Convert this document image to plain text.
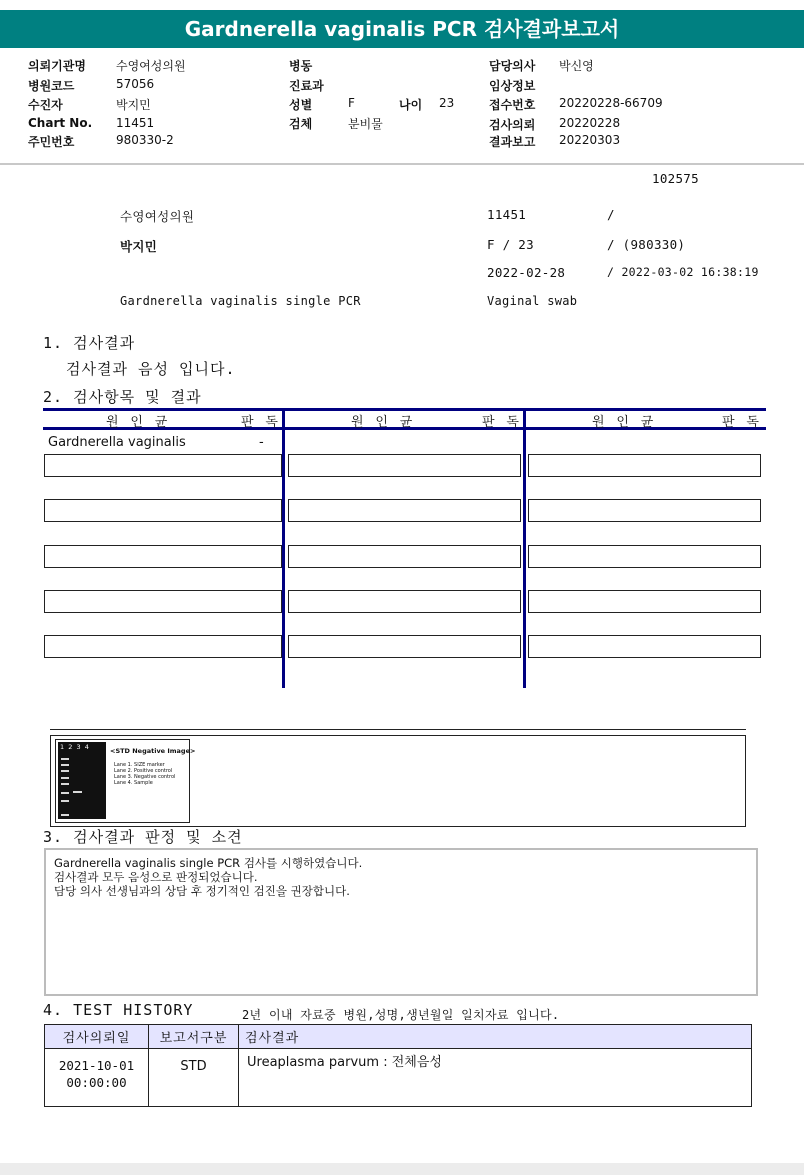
Gardnerella vaginalis PCR 검사결과보고서
의뢰기관명	수영여성의원
병원코드	57056
수진자	박지민
Chart No. 11451
주민번호	980330-2
병동
진료과
성별	F	나이 23
검체	분비물
담당의사 박신영
임상정보
접수번호 20220228-66709
검사의뢰 20220228
결과보고 20220303
102575
수영여성의원	11451	/
박지민	F / 23	/ (980330)
2022-02-28	/ 2022-03-02 16:38:19
Gardnerella vaginalis single PCR	Vaginal swab
1. 검사결과
검사결과 음성 입니다.
2. 검사항목 및 결과
원 인 균	판 독	원 인 균	판 독	원 인 균	판 독
Gardnerella vaginalis	-
1  2  3  4	<STD Negative Image>
Lane 1. SIZE marker
Lane 2. Positive control
Lane 3. Negative control
Lane 4. Sample
3. 검사결과 판정 및 소견
Gardnerella vaginalis single PCR 검사를 시행하였습니다.
검사결과 모두 음성으로 판정되었습니다.
담당 의사 선생님과의 상담 후 정기적인 검진을 권장합니다.
4. TEST HISTORY	2년 이내 자료중 병원,성명,생년월일 일치자료 입니다.
검사의뢰일	보고서구분	검사결과

2021-10-01
00:00:00	STD	Ureaplasma parvum : 전체음성
